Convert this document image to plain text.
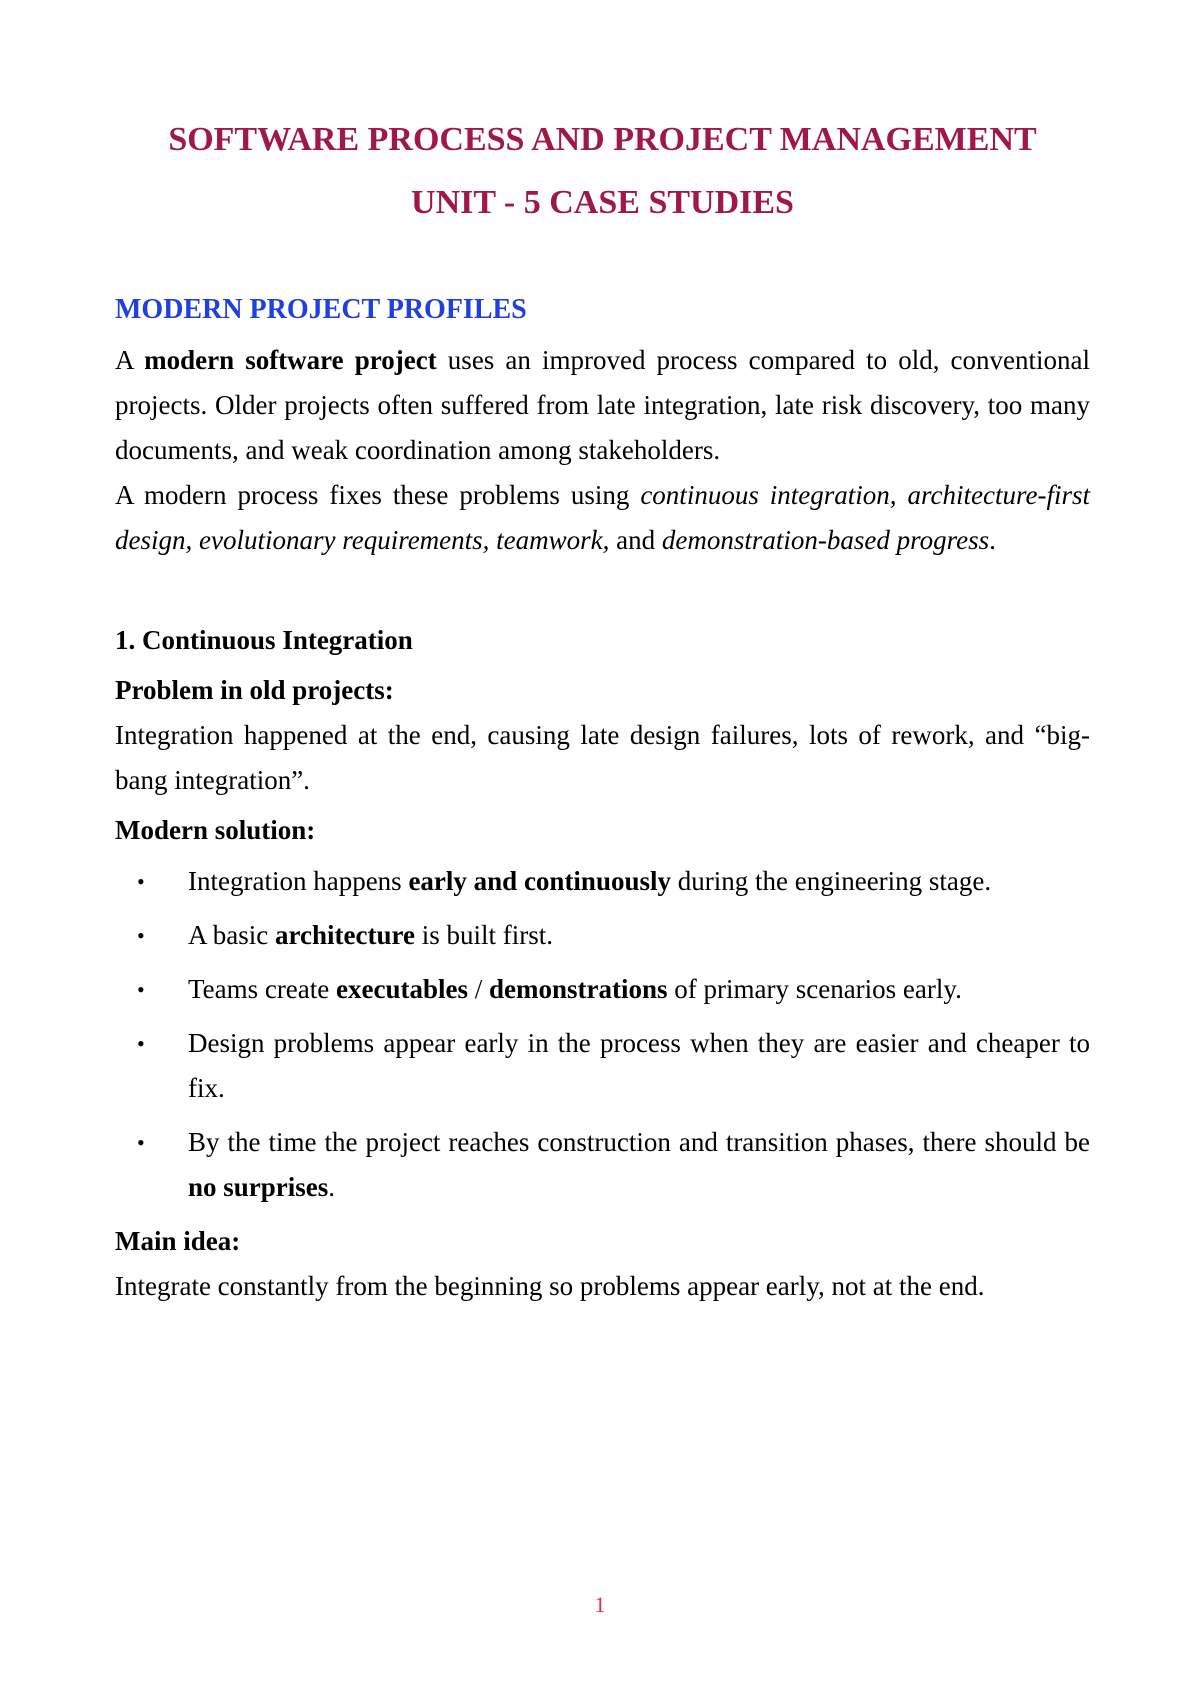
SOFTWARE PROCESS AND PROJECT MANAGEMENT
UNIT - 5 CASE STUDIES
MODERN PROJECT PROFILES

A modern software project uses an improved process compared to old, conventional projects. Older projects often suffered from late integration, late risk discovery, too many documents, and weak coordination among stakeholders.

A modern process fixes these problems using continuous integration, architecture-first design, evolutionary requirements, teamwork, and demonstration-based progress.

1. Continuous Integration
Problem in old projects:

Integration happened at the end, causing late design failures, lots of rework, and “big-bang integration”.

Modern solution:
• Integration happens early and continuously during the engineering stage.
• A basic architecture is built first.
• Teams create executables / demonstrations of primary scenarios early.
• Design problems appear early in the process when they are easier and cheaper to fix.
• By the time the project reaches construction and transition phases, there should be no surprises.
Main idea:

Integrate constantly from the beginning so problems appear early, not at the end.

1
